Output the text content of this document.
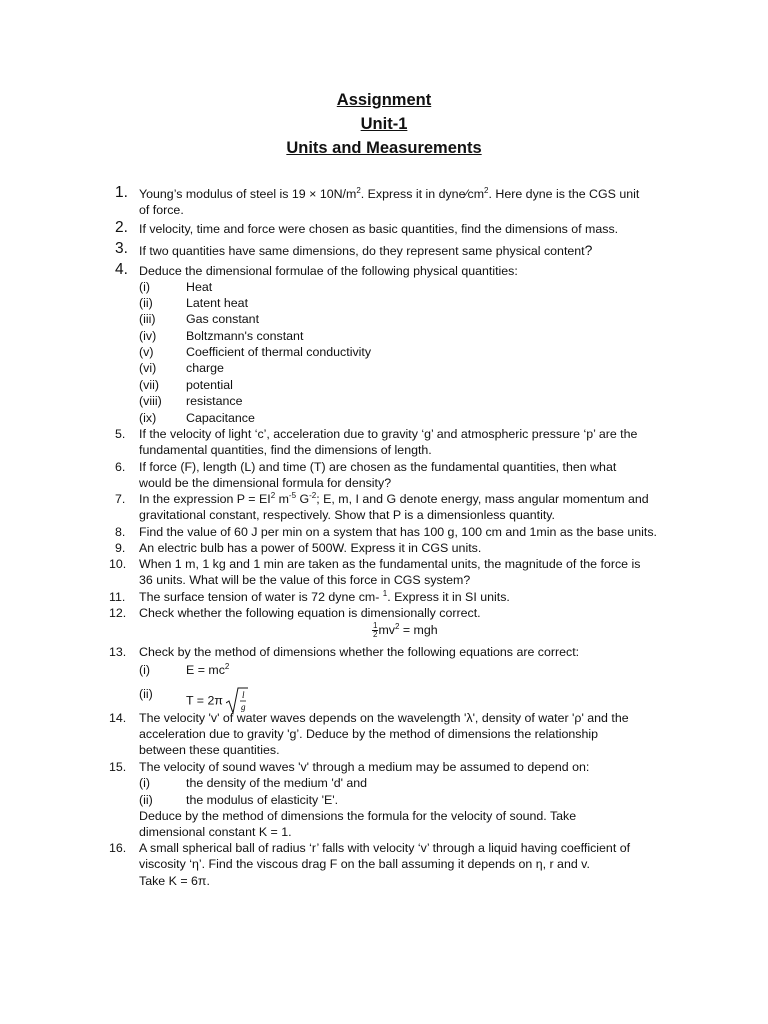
Assignment
Unit-1
Units and Measurements
1. Young’s modulus of steel is $19 \times 10N/m^2$. Express it in $dyne⁄cm^2$. Here dyne is the CGS unit
of force.
2. If velocity, time and force were chosen as basic quantities, find the dimensions of mass.
3. If two quantities have same dimensions, do they represent same physical content?
4. Deduce the dimensional formulae of the following physical quantities:
(i)	Heat
(ii)	Latent heat
(iii) Gas constant
(iv) Boltzmann's constant
(v)	Coefficient of thermal conductivity
(vi) charge
(vii) potential
(viii) resistance
(ix) Capacitance
5. If the velocity of light ‘c’, acceleration due to gravity ‘g’ and atmospheric pressure ‘p’ are the
fundamental quantities, find the dimensions of length.
6. If force (F), length (L) and time (T) are chosen as the fundamental quantities, then what
would be the dimensional formula for density?
7. In the expression $P = EI^2$ $m^{-5}$ $G^{-2}$; E, m, I and G denote energy, mass angular momentum and
gravitational constant, respectively. Show that P is a dimensionless quantity.
8. Find the value of 60 J per min on a system that has 100 g, 100 cm and 1min as the base units.
9. An electric bulb has a power of 500W. Express it in CGS units.
10. When 1 m, 1 kg and 1 min are taken as the fundamental units, the magnitude of the force is
36 units. What will be the value of this force in CGS system?
11. The surface tension of water is 72 dyne cm- $^1$. Express it in SI units.
12. Check whether the following equation is dimensionally correct.
$\frac{1}{2} mv^2$ = mgh
13. Check by the method of dimensions whether the following equations are correct:
(i)	$E = mc^2$
(ii)	T = 2π l
g
14. The velocity 'v' of water waves depends on the wavelength 'λ', density of water 'ρ' and the
acceleration due to gravity 'g’. Deduce by the method of dimensions the relationship
between these quantities.
15. The velocity of sound waves 'v' through a medium may be assumed to depend on:
(i)	the density of the medium 'd' and
(ii)	the modulus of elasticity 'E'.
Deduce by the method of dimensions the formula for the velocity of sound. Take
dimensional constant K = 1.
16. A small spherical ball of radius ‘r’ falls with velocity ‘v’ through a liquid having coefficient of
viscosity ‘η’. Find the viscous drag F on the ball assuming it depends on η, r and v.
Take K = 6π.
